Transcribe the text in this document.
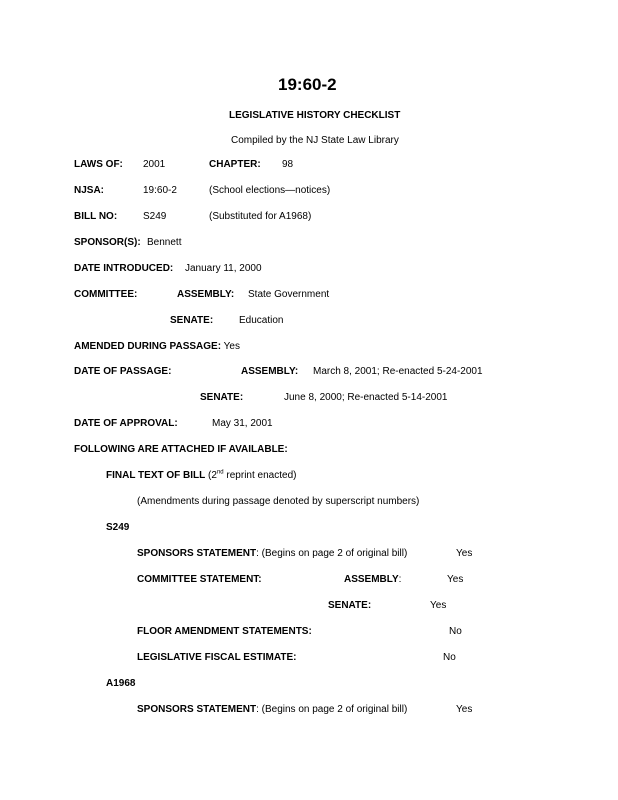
19:60-2
LEGISLATIVE HISTORY CHECKLIST
Compiled by the NJ State Law Library
LAWS OF: 2001	CHAPTER: 98
NJSA:	19:60-2	(School elections—notices)
BILL NO:	S249	(Substituted for A1968)
SPONSOR(S): Bennett
DATE INTRODUCED: January 11, 2000
COMMITTEE:	ASSEMBLY: State Government
SENATE:	Education
AMENDED DURING PASSAGE: Yes
DATE OF PASSAGE:	ASSEMBLY: March 8, 2001; Re-enacted 5-24-2001
SENATE:	June 8, 2000; Re-enacted 5-14-2001
DATE OF APPROVAL:	May 31, 2001
FOLLOWING ARE ATTACHED IF AVAILABLE:
FINAL TEXT OF BILL (2nd reprint enacted)
(Amendments during passage denoted by superscript numbers)
S249
SPONSORS STATEMENT: (Begins on page 2 of original bill)	Yes
COMMITTEE STATEMENT:	ASSEMBLY:	Yes
SENATE:	Yes
FLOOR AMENDMENT STATEMENTS:	No
LEGISLATIVE FISCAL ESTIMATE:	No
A1968
SPONSORS STATEMENT: (Begins on page 2 of original bill)	Yes
